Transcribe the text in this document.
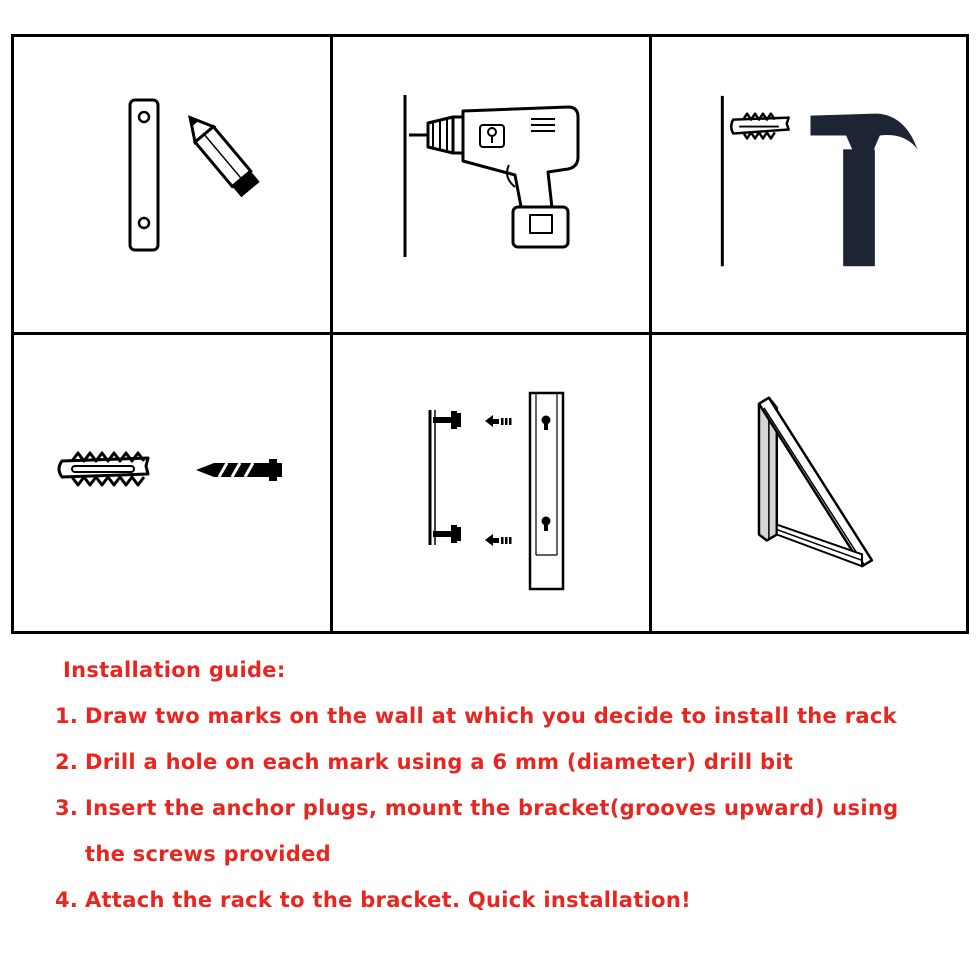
Installation guide:
1. Draw two marks on the wall at which you decide to install the rack
2. Drill a hole on each mark using a 6 mm (diameter) drill bit
3. Insert the anchor plugs, mount the bracket(grooves upward) using
the screws provided
4. Attach the rack to the bracket. Quick installation!
